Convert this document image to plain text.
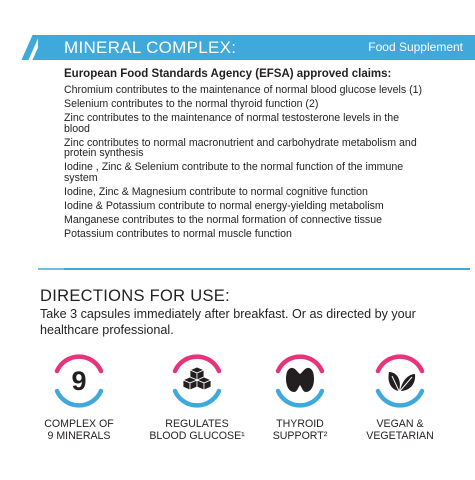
MINERAL COMPLEX:	Food Supplement
European Food Standards Agency (EFSA) approved claims:
Chromium contributes to the maintenance of normal blood glucose levels (1)
Selenium contributes to the normal thyroid function (2)
Zinc contributes to the maintenance of normal testosterone levels in the blood
Zinc contributes to normal macronutrient and carbohydrate metabolism and protein synthesis
Iodine , Zinc & Selenium contribute to the normal function of the immune system
Iodine, Zinc & Magnesium contribute to normal cognitive function
Iodine & Potassium contribute to normal energy-yielding metabolism
Manganese contributes to the normal formation of connective tissue
Potassium contributes to normal muscle function
DIRECTIONS FOR USE:
Take 3 capsules immediately after breakfast. Or as directed by your healthcare professional.
9
COMPLEX OF
9 MINERALS
REGULATES
BLOOD GLUCOSE¹
THYROID
SUPPORT²
VEGAN &
VEGETARIAN
